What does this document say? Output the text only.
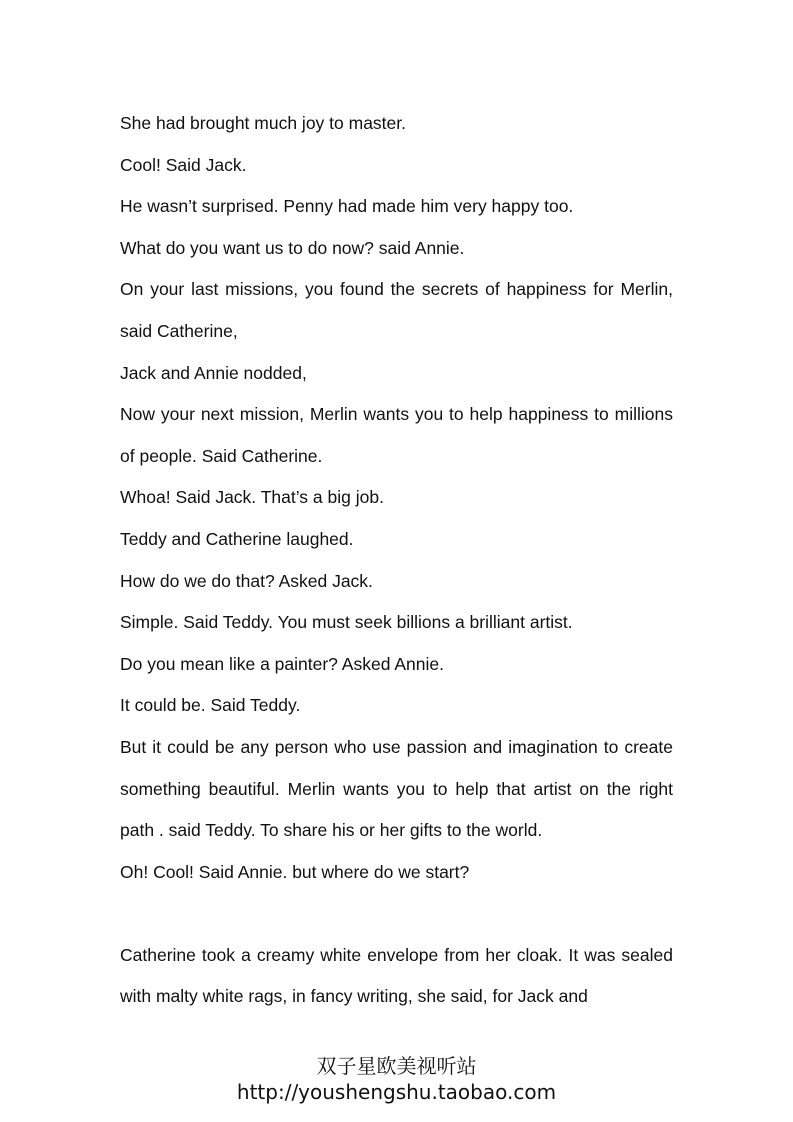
She had brought much joy to master.

Cool! Said Jack.

He wasn’t surprised. Penny had made him very happy too.

What do you want us to do now? said Annie.

On your last missions, you found the secrets of happiness for Merlin, said Catherine,

Jack and Annie nodded,

Now your next mission, Merlin wants you to help happiness to millions of people. Said Catherine.

Whoa! Said Jack. That’s a big job.

Teddy and Catherine laughed.

How do we do that? Asked Jack.

Simple. Said Teddy. You must seek billions a brilliant artist.

Do you mean like a painter? Asked Annie.

It could be. Said Teddy.

But it could be any person who use passion and imagination to create something beautiful. Merlin wants you to help that artist on the right path . said Teddy. To share his or her gifts to the world.

Oh! Cool! Said Annie. but where do we start?

Catherine took a creamy white envelope from her cloak. It was sealed with malty white rags, in fancy writing, she said, for Jack and

双子星欧美视听站
http://youshengshu.taobao.com
